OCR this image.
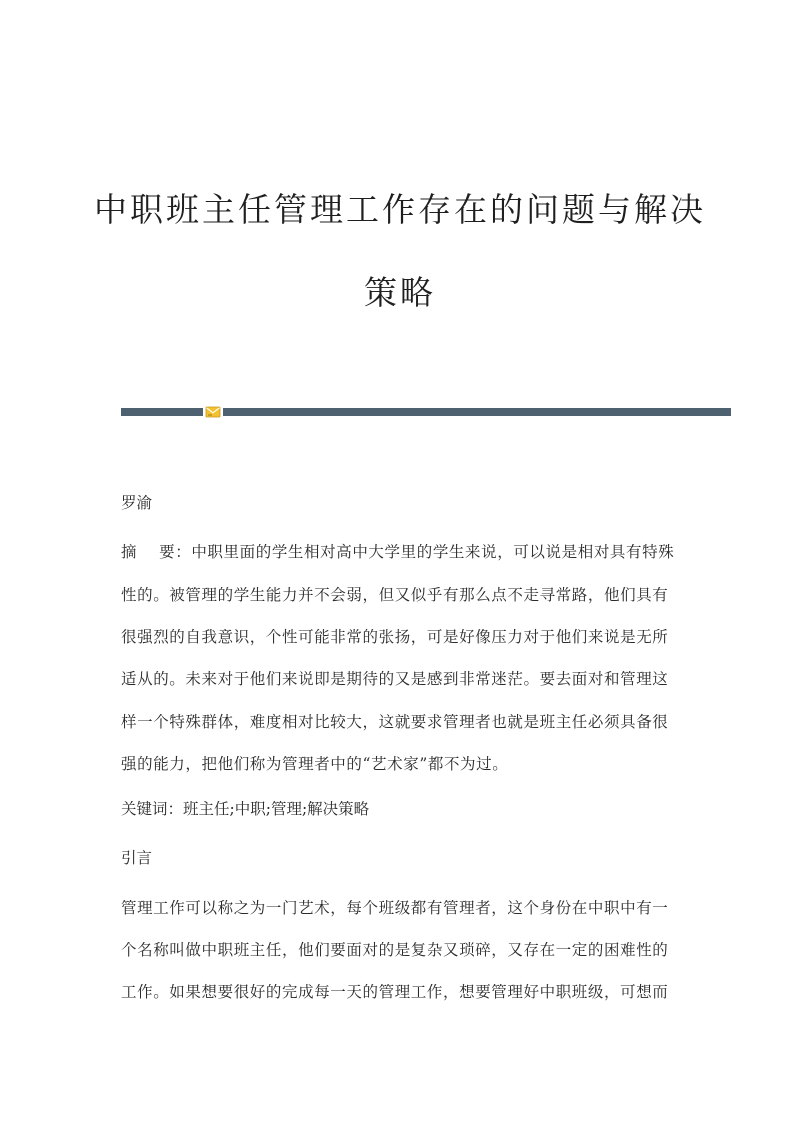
中职班主任管理工作存在的问题与解决
策略
罗渝
摘 要：中职里面的学生相对高中大学里的学生来说，可以说是相对具有特殊
性的。被管理的学生能力并不会弱，但又似乎有那么点不走寻常路，他们具有
很强烈的自我意识，个性可能非常的张扬，可是好像压力对于他们来说是无所
适从的。未来对于他们来说即是期待的又是感到非常迷茫。要去面对和管理这
样一个特殊群体，难度相对比较大，这就要求管理者也就是班主任必须具备很
强的能力，把他们称为管理者中的“艺术家”都不为过。
关键词：班主任;中职;管理;解决策略
引言
管理工作可以称之为一门艺术，每个班级都有管理者，这个身份在中职中有一
个名称叫做中职班主任，他们要面对的是复杂又琐碎，又存在一定的困难性的
工作。如果想要很好的完成每一天的管理工作，想要管理好中职班级，可想而
